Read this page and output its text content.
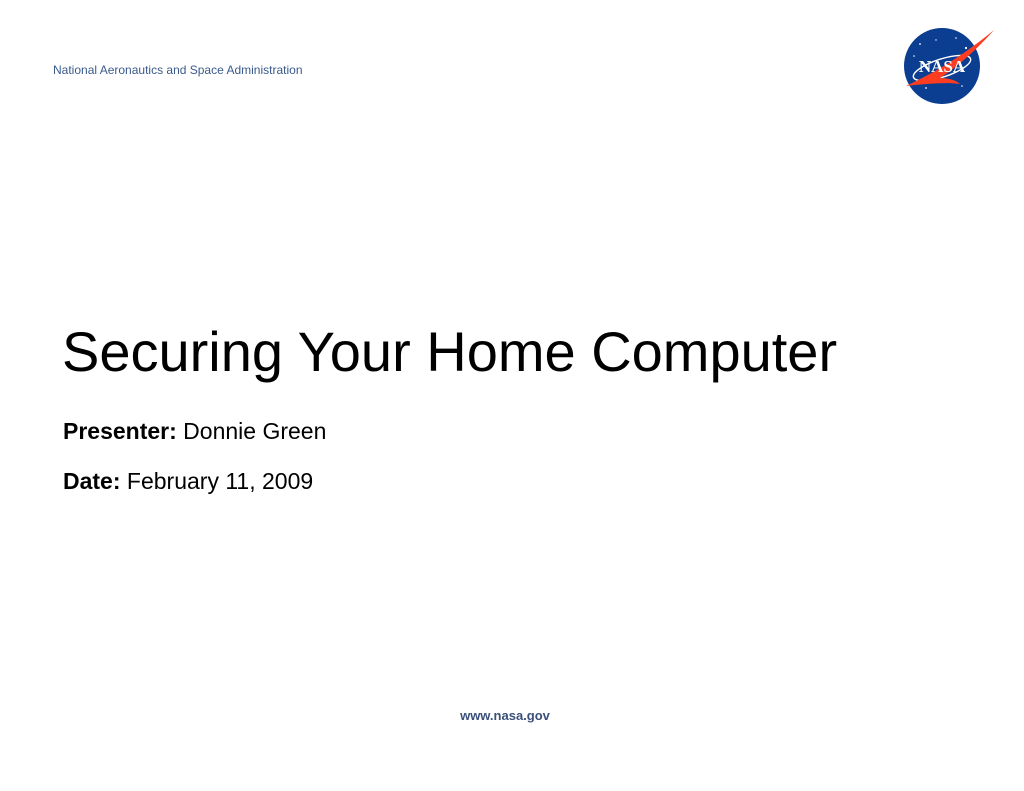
National Aeronautics and Space Administration	NASA
Securing Your Home Computer
Presenter: Donnie Green
Date: February 11, 2009
www.nasa.gov
